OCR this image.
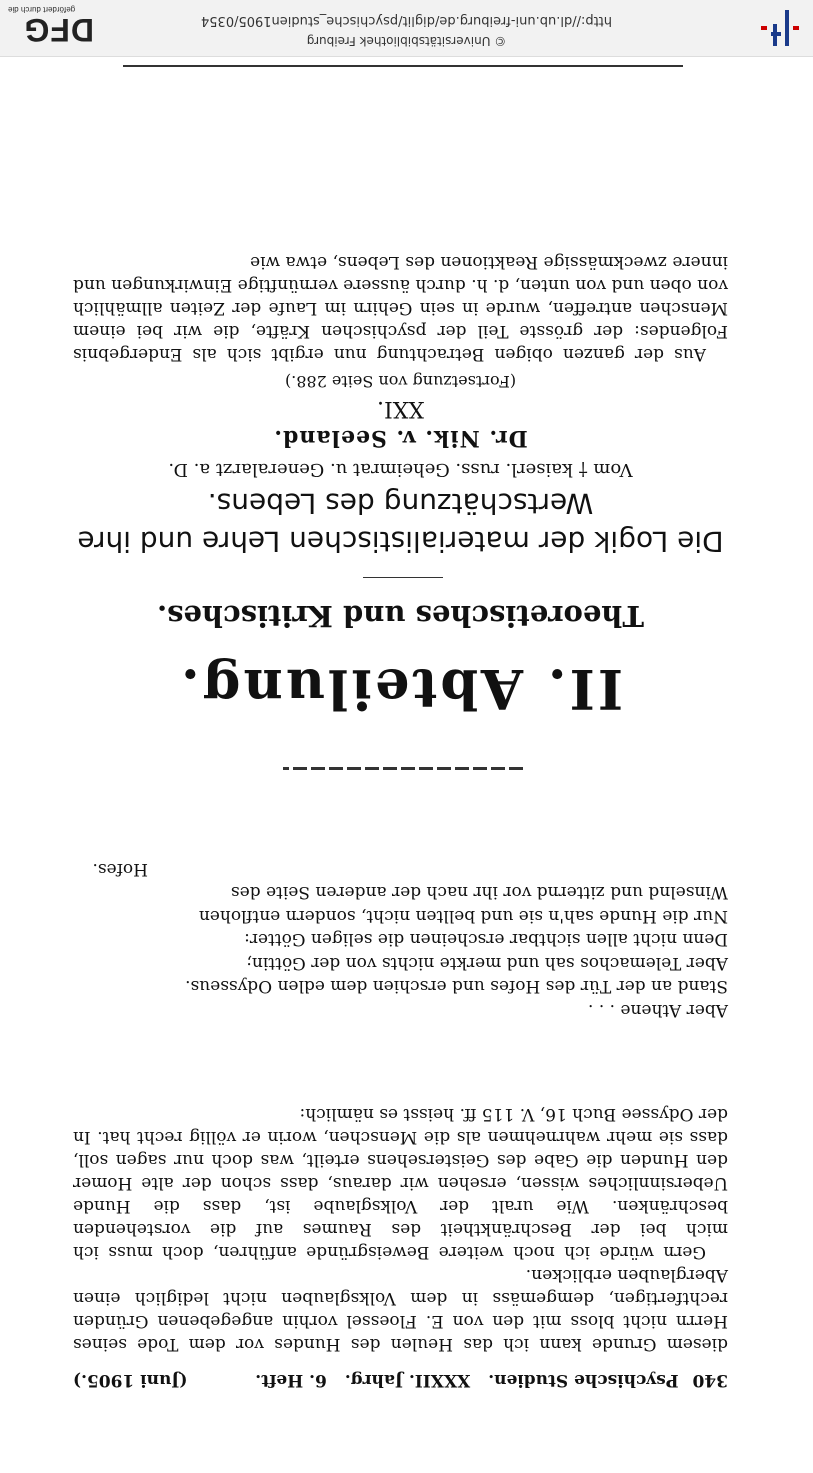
340 Psychische Studien. XXXII. Jahrg. 6. Heft.
(Juni 1905.)

diesem Grunde kann ich das Heulen des Hundes vor dem Tode seines Herrn nicht bloss mit den von E. Floessel vorhin angegebenen Gründen rechtfertigen, demgemäss in dem Volksglauben nicht lediglich einen Aberglauben erblicken.

Gern würde ich noch weitere Beweisgründe anführen, doch muss ich mich bei der Beschränktheit des Raumes auf die vorstehenden beschränken. Wie uralt der Volksglaube ist, dass die Hunde Uebersinnliches wissen, ersehen wir daraus, dass schon der alte Homer den Hunden die Gabe des Geistersehens erteilt, was doch nur sagen soll, dass sie mehr wahrnehmen als die Menschen, worin er völlig recht hat. In der Odyssee Buch 16, V. 115 ff. heisst es nämlich:

Aber Athene . . .
Stand an der Tür des Hofes und erschien dem edlen Odysseus.
Aber Telemachos sah und merkte nichts von der Göttin;
Denn nicht allen sichtbar erscheinen die seligen Götter:
Nur die Hunde sah'n sie und bellten nicht, sondern entflohen
Winselnd und zitternd vor ihr nach der anderen Seite des
Hofes.
II. Abteilung.
Theoretisches und Kritisches.
Die Logik der materialistischen Lehre und ihre
Wertschätzung des Lebens.
Vom † kaiserl. russ. Geheimrat u. Generalarzt a. D.
Dr. Nik. v. Seeland.
XXI.
(Fortsetzung von Seite 288.)

Aus der ganzen obigen Betrachtung nun ergibt sich als Endergebnis Folgendes: der grösste Teil der psychischen Kräfte, die wir bei einem Menschen antreffen, wurde in sein Gehirn im Laufe der Zeiten allmählich von oben und von unten, d. h. durch äussere vernünftige Einwirkungen und innere zweckmässige Reaktionen des Lebens, etwa wie

© Universitätsbibliothek Freiburg
http://dl.ub.uni-freiburg.de/diglit/psychische_studien1905/0354
DFG
gefördert durch die
